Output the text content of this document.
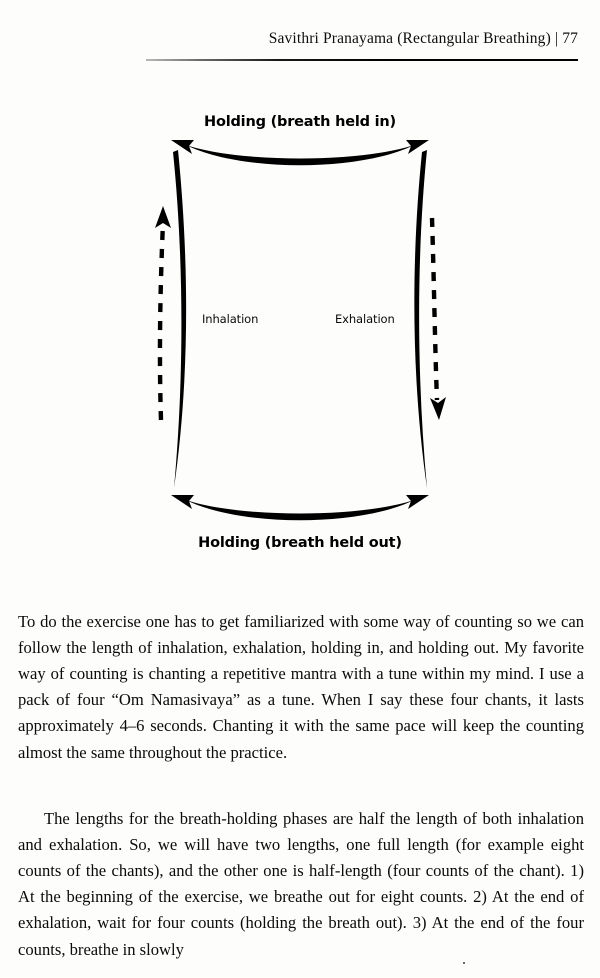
Savithri Pranayama (Rectangular Breathing) | 77
Holding (breath held in)
Holding (breath held out)
Inhalation	Exhalation

To do the exercise one has to get familiarized with some way of counting so we can follow the length of inhalation, exhalation, holding in, and holding out. My favorite way of counting is chanting a repetitive mantra with a tune within my mind. I use a pack of four “Om Namasivaya” as a tune. When I say these four chants, it lasts approximately 4–6 seconds. Chanting it with the same pace will keep the counting almost the same throughout the practice.

The lengths for the breath-holding phases are half the length of both inhalation and exhalation. So, we will have two lengths, one full length (for example eight counts of the chants), and the other one is half-length (four counts of the chant). 1) At the beginning of the exercise, we breathe out for eight counts. 2) At the end of exhalation, wait for four counts (holding the breath out). 3) At the end of the four counts, breathe in slowly
